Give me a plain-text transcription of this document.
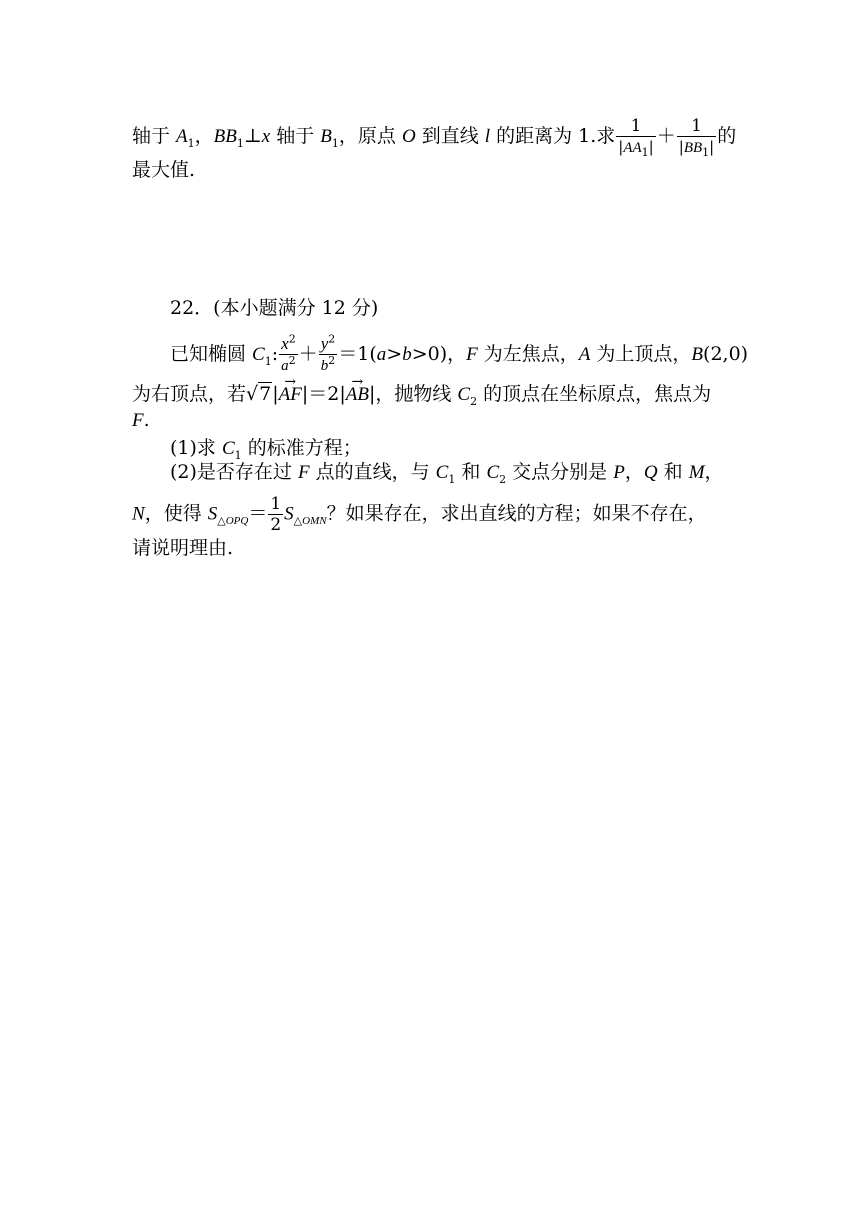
轴于 $A_1$，$BB_1\perp x$ 轴于 $B_1$，原点 O 到直线 l 的距离为 1.求 $\frac{1}{|AA_1|} + \frac{1}{|BB_1|}$ 的
最大值.
22．(本小题满分 12 分)
已知椭圆 $C_1$: $\frac{x^2}{a^2} + \frac{y^2}{b^2} =1(a>b>0)$，F 为左焦点，A 为上顶点，B(2,0)
为右顶点，若√7|→ AF|＝2|→ AB|，抛物线 $C_2$ 的顶点在坐标原点，焦点为
F.
(1)求 $C_1$ 的标准方程；
(2)是否存在过 F 点的直线，与 $C_1$ 和 $C_2$ 交点分别是 P，Q 和 M，
N，使得 $S_{\triangle OPQ}= \frac{1}{2} S_{\triangle OMN}$？如果存在，求出直线的方程；如果不存在，
请说明理由.
